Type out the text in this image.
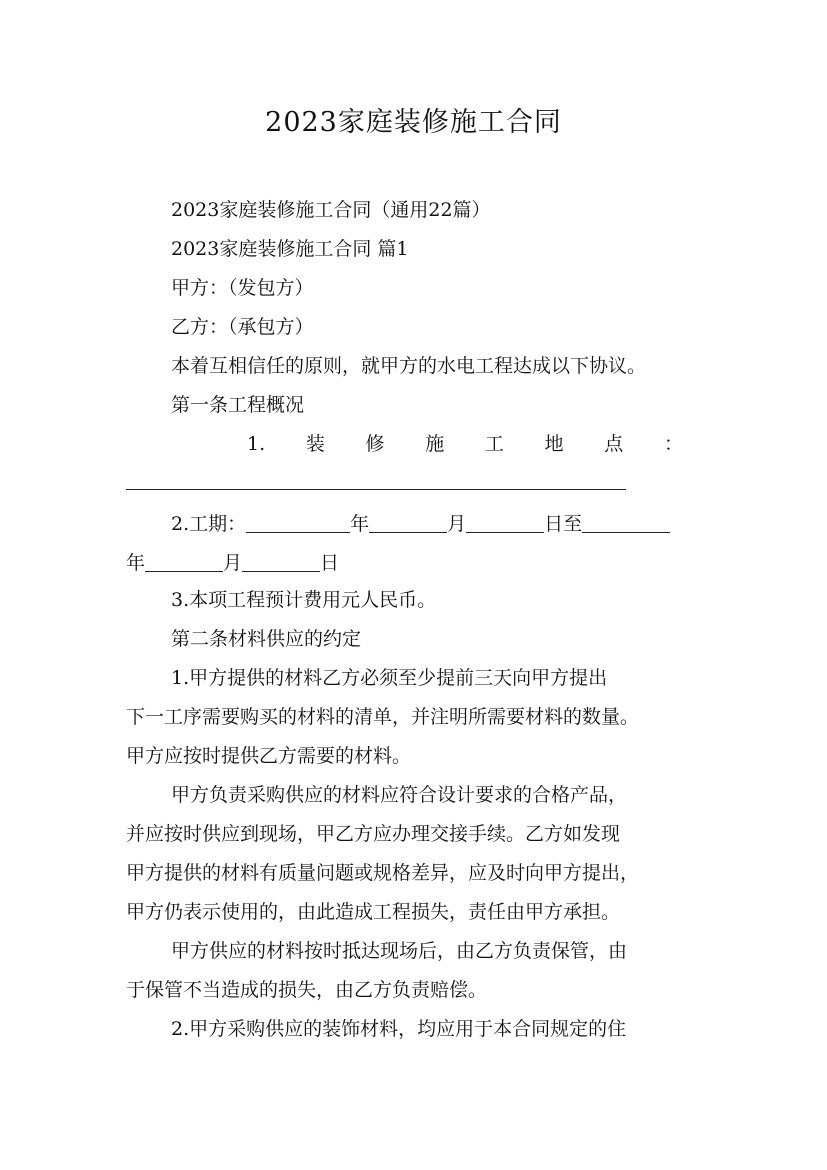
2023家庭装修施工合同
2023家庭装修施工合同（通用22篇）
2023家庭装修施工合同 篇1
甲方：（发包方）
乙方：（承包方）
本着互相信任的原则，就甲方的水电工程达成以下协议。
第一条工程概况
1. 装 修 施 工 地 点 ：
2.工期：	年	月	日至
年	月	日
3.本项工程预计费用元人民币。
第二条材料供应的约定
1.甲方提供的材料乙方必须至少提前三天向甲方提出
下一工序需要购买的材料的清单，并注明所需要材料的数量。
甲方应按时提供乙方需要的材料。
甲方负责采购供应的材料应符合设计要求的合格产品，
并应按时供应到现场，甲乙方应办理交接手续。乙方如发现
甲方提供的材料有质量问题或规格差异，应及时向甲方提出，
甲方仍表示使用的，由此造成工程损失，责任由甲方承担。
甲方供应的材料按时抵达现场后，由乙方负责保管，由
于保管不当造成的损失，由乙方负责赔偿。
2.甲方采购供应的装饰材料，均应用于本合同规定的住
